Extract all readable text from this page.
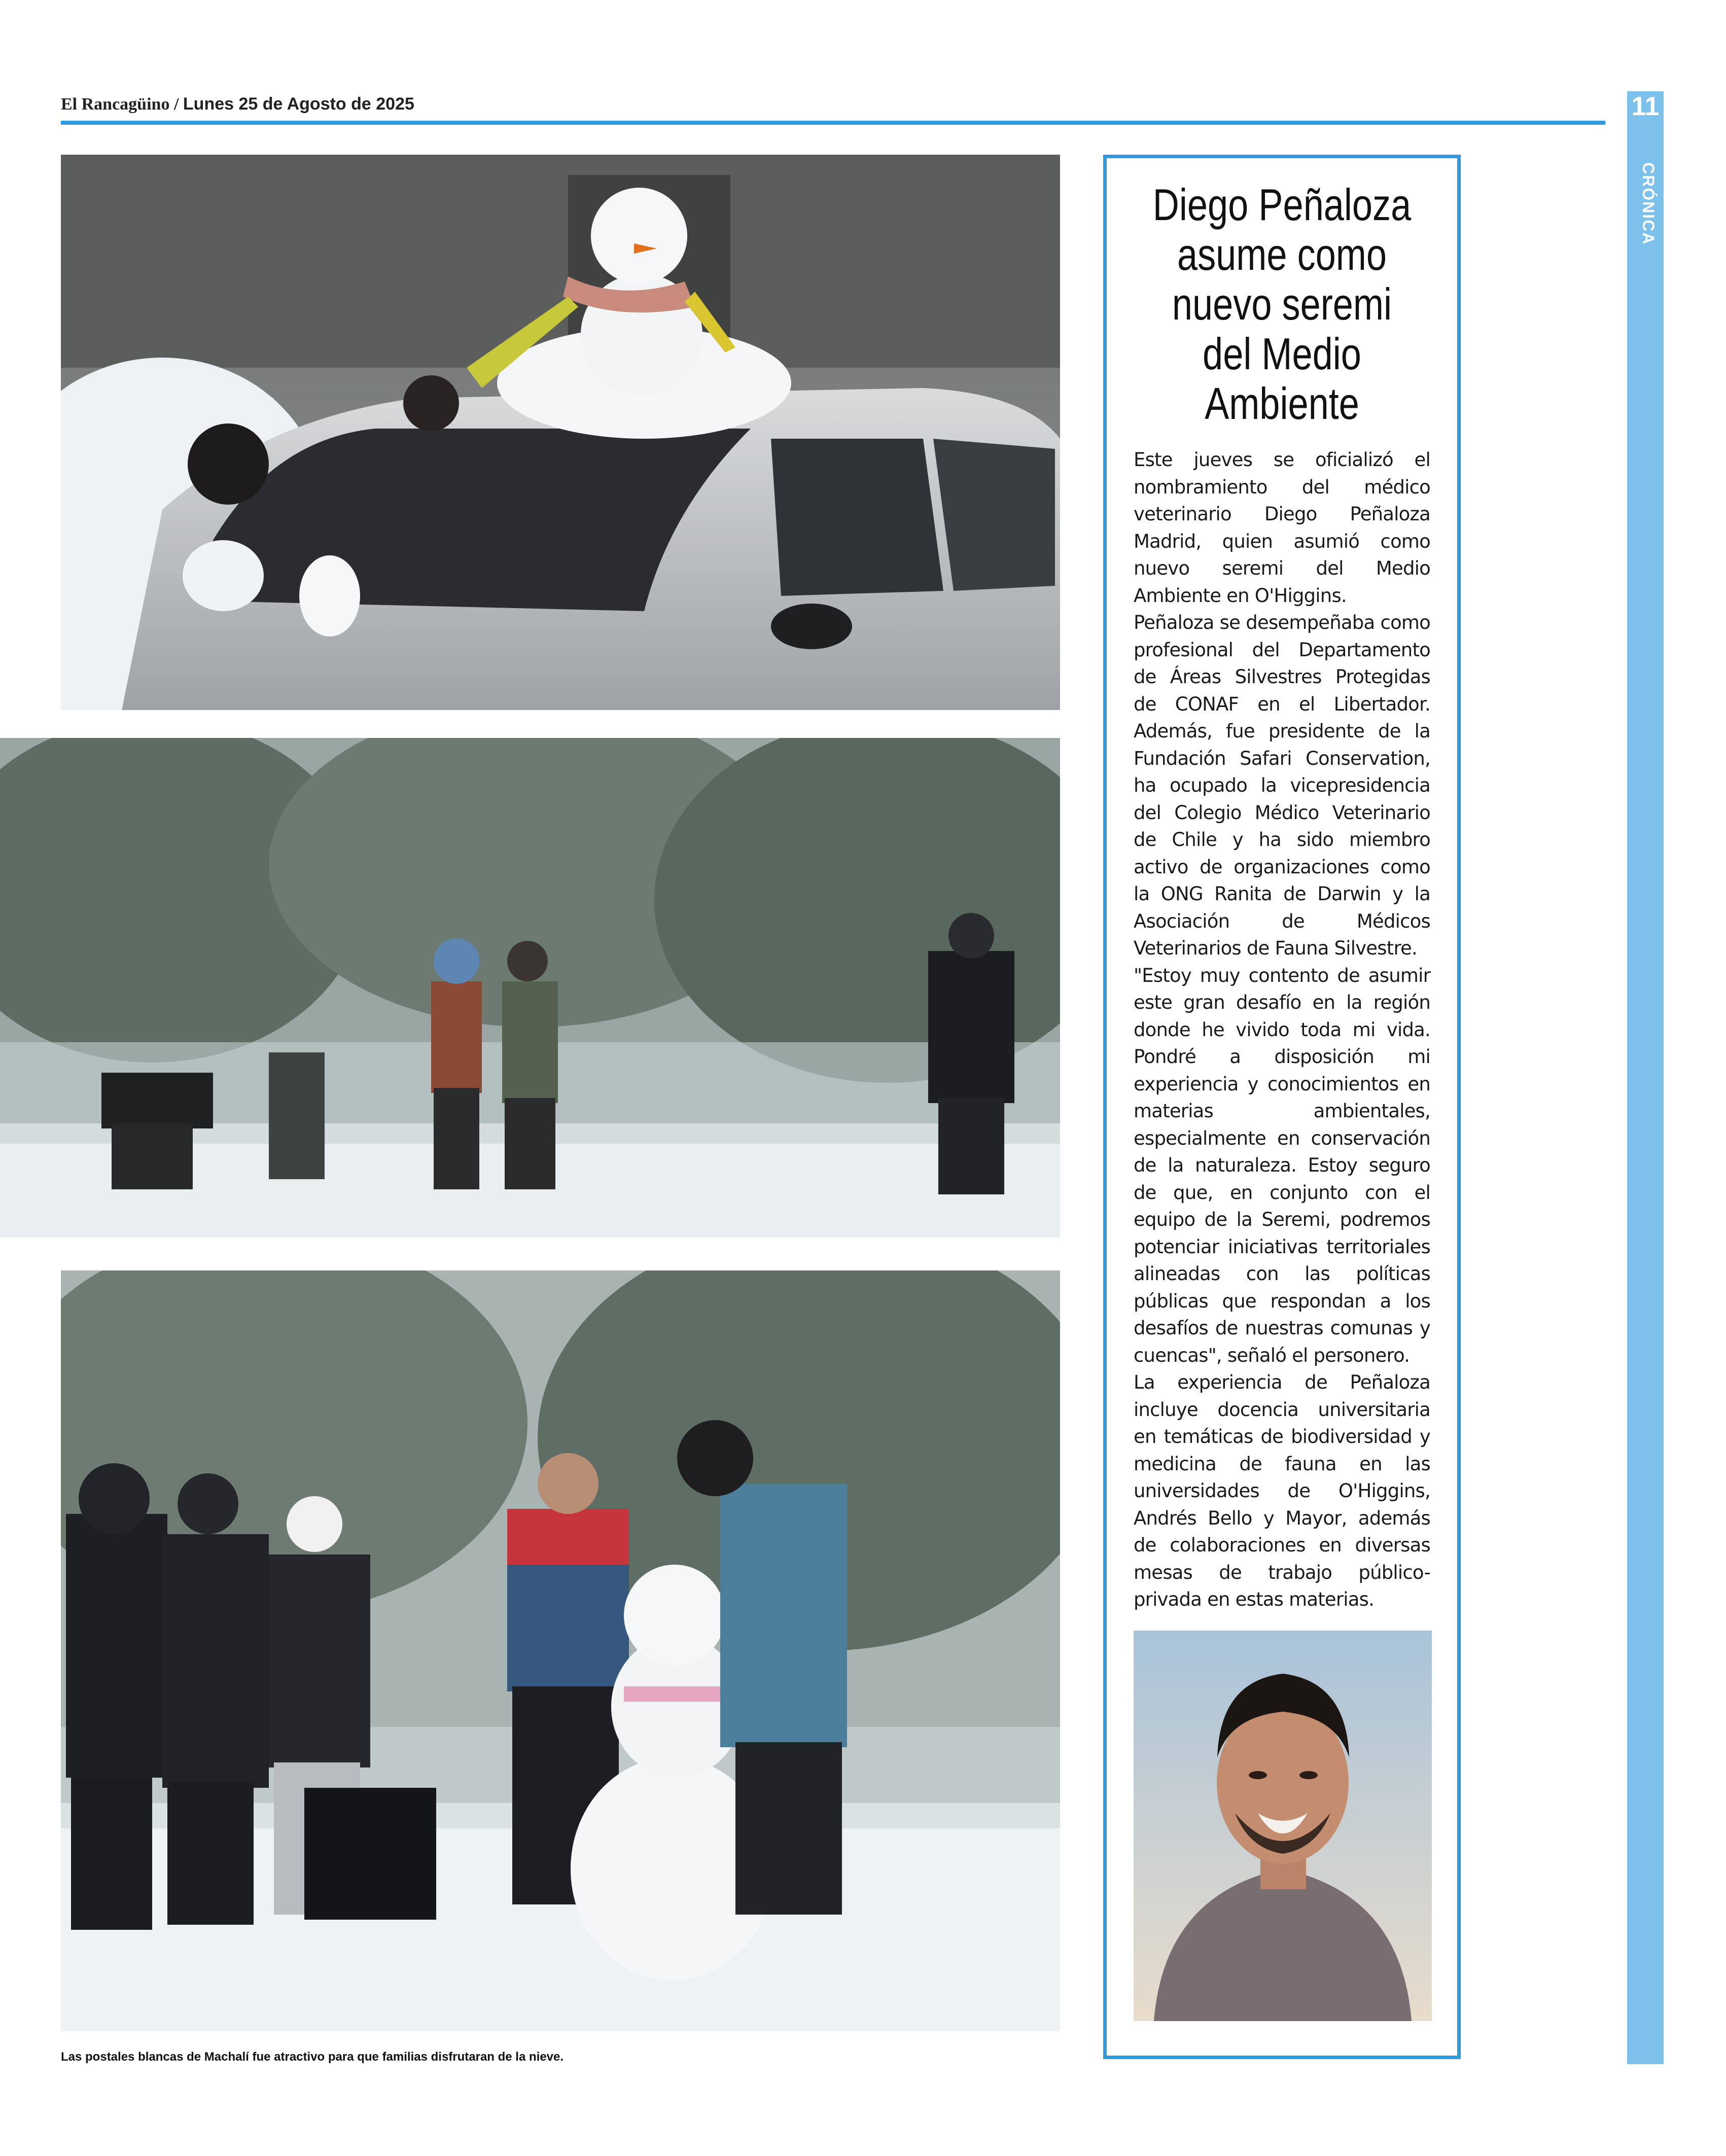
El Rancagüino / Lunes 25 de Agosto de 2025	11
CRÓNICA
Las postales blancas de Machalí fue atractivo para que familias disfrutaran de la nieve.
Diego Peñaloza
asume como
nuevo seremi
del Medio
Ambiente

Este jueves se oficializó el nombramiento del médico veterinario Diego Peñaloza Madrid, quien asumió como nuevo seremi del Medio Ambiente en O'Higgins.

Peñaloza se desempeñaba como profesional del Departamento de Áreas Silvestres Protegidas de CONAF en el Libertador. Además, fue presidente de la Fundación Safari Conservation, ha ocupado la vicepresidencia del Colegio Médico Veterinario de Chile y ha sido miembro activo de organizaciones como la ONG Ranita de Darwin y la Asociación de Médicos Veterinarios de Fauna Silvestre.

"Estoy muy contento de asumir este gran desafío en la región donde he vivido toda mi vida. Pondré a disposición mi experiencia y conocimientos en materias ambientales, especialmente en conservación de la naturaleza. Estoy seguro de que, en conjunto con el equipo de la Seremi, podremos potenciar iniciativas territoriales alineadas con las políticas públicas que respondan a los desafíos de nuestras comunas y cuencas", señaló el personero.

La experiencia de Peñaloza incluye docencia universitaria en temáticas de biodiversidad y medicina de fauna en las universidades de O'Higgins, Andrés Bello y Mayor, además de colaboraciones en diversas mesas de trabajo público-privada en estas materias.
